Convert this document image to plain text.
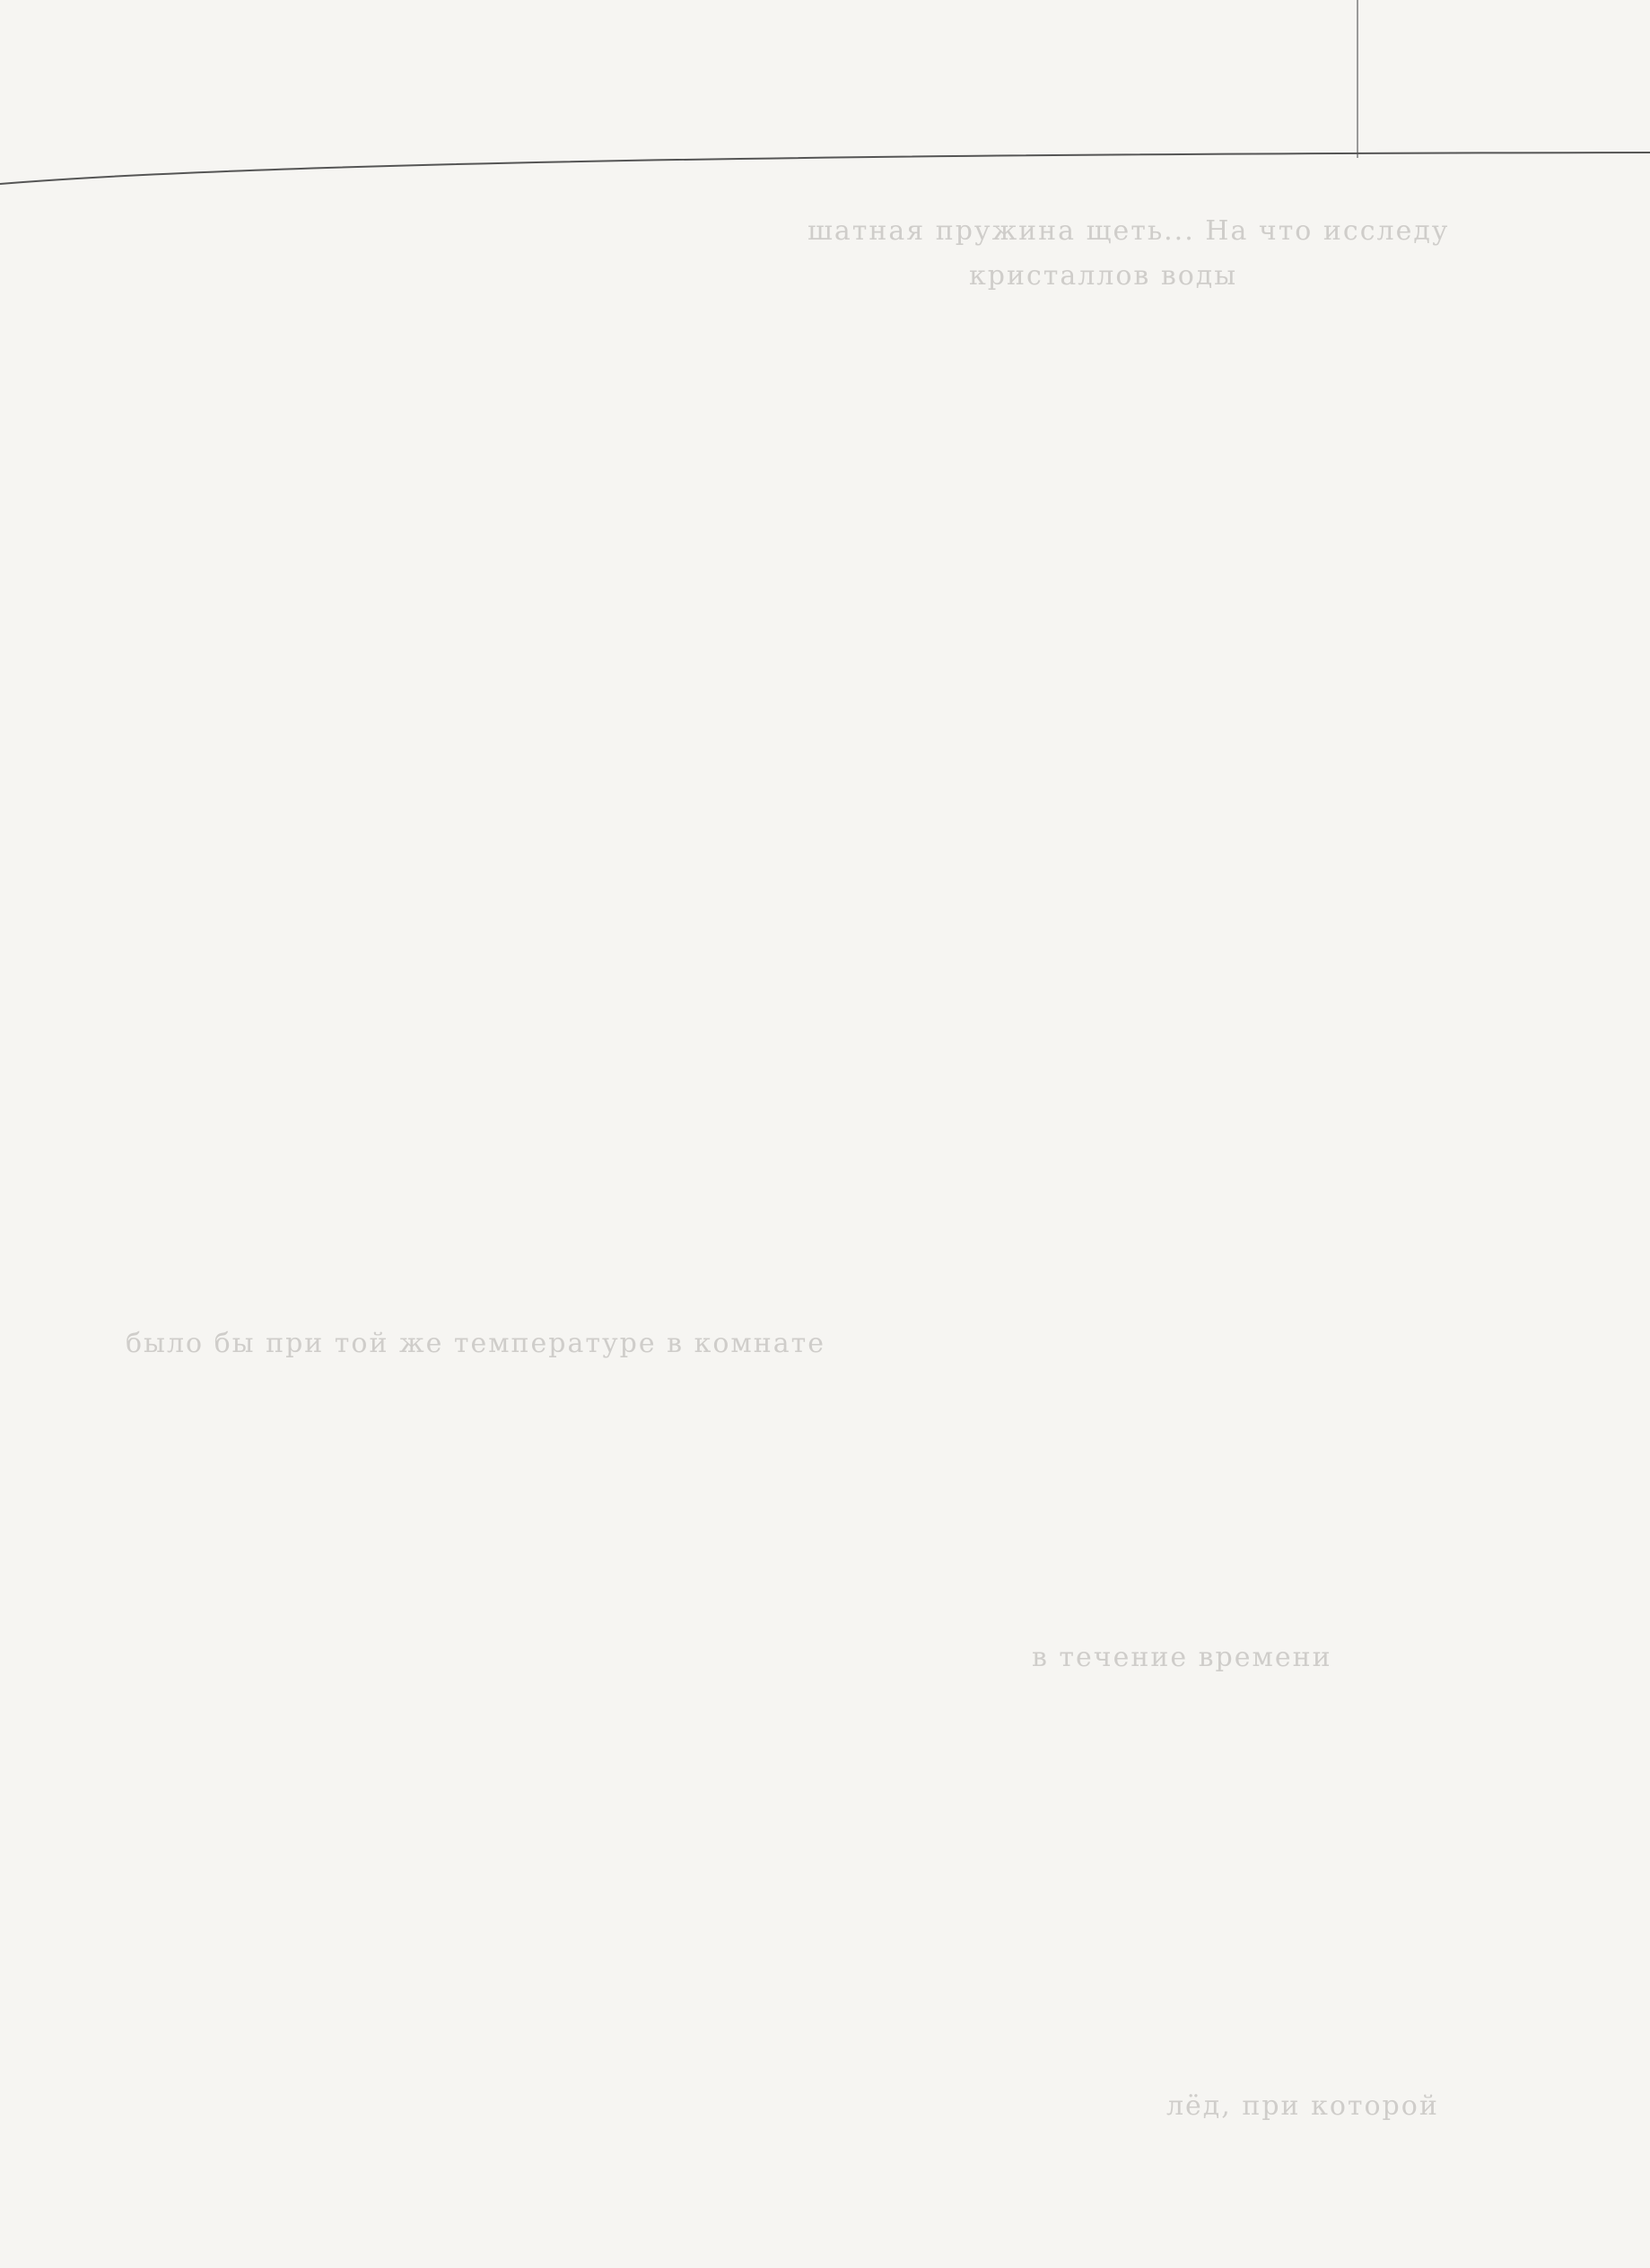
шатная пружина щеть... На что исследу
кристаллов воды
было бы при той же температуре в комнате
в течение времени
лёд, при которой
